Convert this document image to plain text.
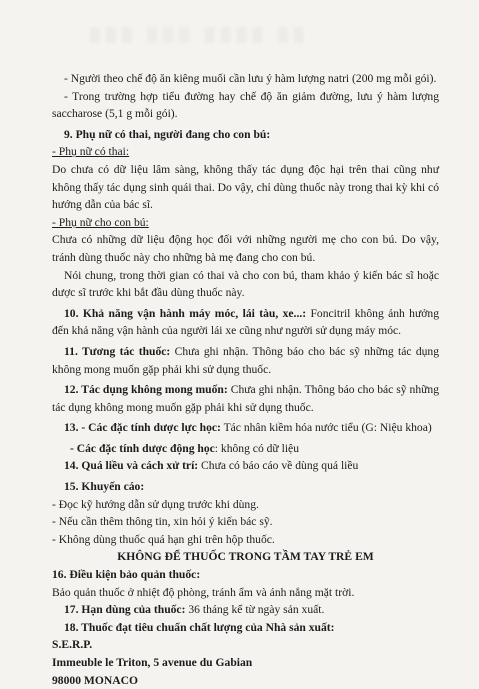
▒▒▒ ▒▒▒ ▒▒▒▒ ▒▒

- Người theo chế độ ăn kiêng muối cần lưu ý hàm lượng natri (200 mg mỗi gói).

- Trong trường hợp tiểu đường hay chế độ ăn giảm đường, lưu ý hàm lượng saccharose (5,1 g mỗi gói).

9. Phụ nữ có thai, người đang cho con bú:

- Phụ nữ có thai:

Do chưa có dữ liệu lâm sàng, không thấy tác dụng độc hại trên thai cũng như không thấy tác dụng sinh quái thai. Do vậy, chỉ dùng thuốc này trong thai kỳ khi có hướng dẫn của bác sĩ.

- Phụ nữ cho con bú:

Chưa có những dữ liệu động học đối với những người mẹ cho con bú. Do vậy, tránh dùng thuốc này cho những bà mẹ đang cho con bú.

Nói chung, trong thời gian có thai và cho con bú, tham khảo ý kiến bác sĩ hoặc dược sĩ trước khi bắt đầu dùng thuốc này.

10. Khả năng vận hành máy móc, lái tàu, xe...: Foncitril không ảnh hưởng đến khả năng vận hành của người lái xe cũng như người sử dụng máy móc.

11. Tương tác thuốc: Chưa ghi nhận. Thông báo cho bác sỹ những tác dụng không mong muốn gặp phải khi sử dụng thuốc.

12. Tác dụng không mong muốn: Chưa ghi nhận. Thông báo cho bác sỹ những tác dụng không mong muốn gặp phải khi sử dụng thuốc.

13. - Các đặc tính dược lực học: Tác nhân kiềm hóa nước tiểu (G: Niệu khoa)

- Các đặc tính dược động học: không có dữ liệu

14. Quá liều và cách xử trí: Chưa có báo cáo về dùng quá liều

15. Khuyến cáo:

- Đọc kỹ hướng dẫn sử dụng trước khi dùng.

- Nếu cần thêm thông tin, xin hỏi ý kiến bác sỹ.

- Không dùng thuốc quá hạn ghi trên hộp thuốc.

KHÔNG ĐỂ THUỐC TRONG TẦM TAY TRẺ EM

16. Điều kiện bảo quản thuốc:

Bảo quản thuốc ở nhiệt độ phòng, tránh ẩm và ánh nắng mặt trời.

17. Hạn dùng của thuốc: 36 tháng kể từ ngày sản xuất.

18. Thuốc đạt tiêu chuẩn chất lượng của Nhà sản xuất:

S.E.R.P.

Immeuble le Triton, 5 avenue du Gabian

98000 MONACO
